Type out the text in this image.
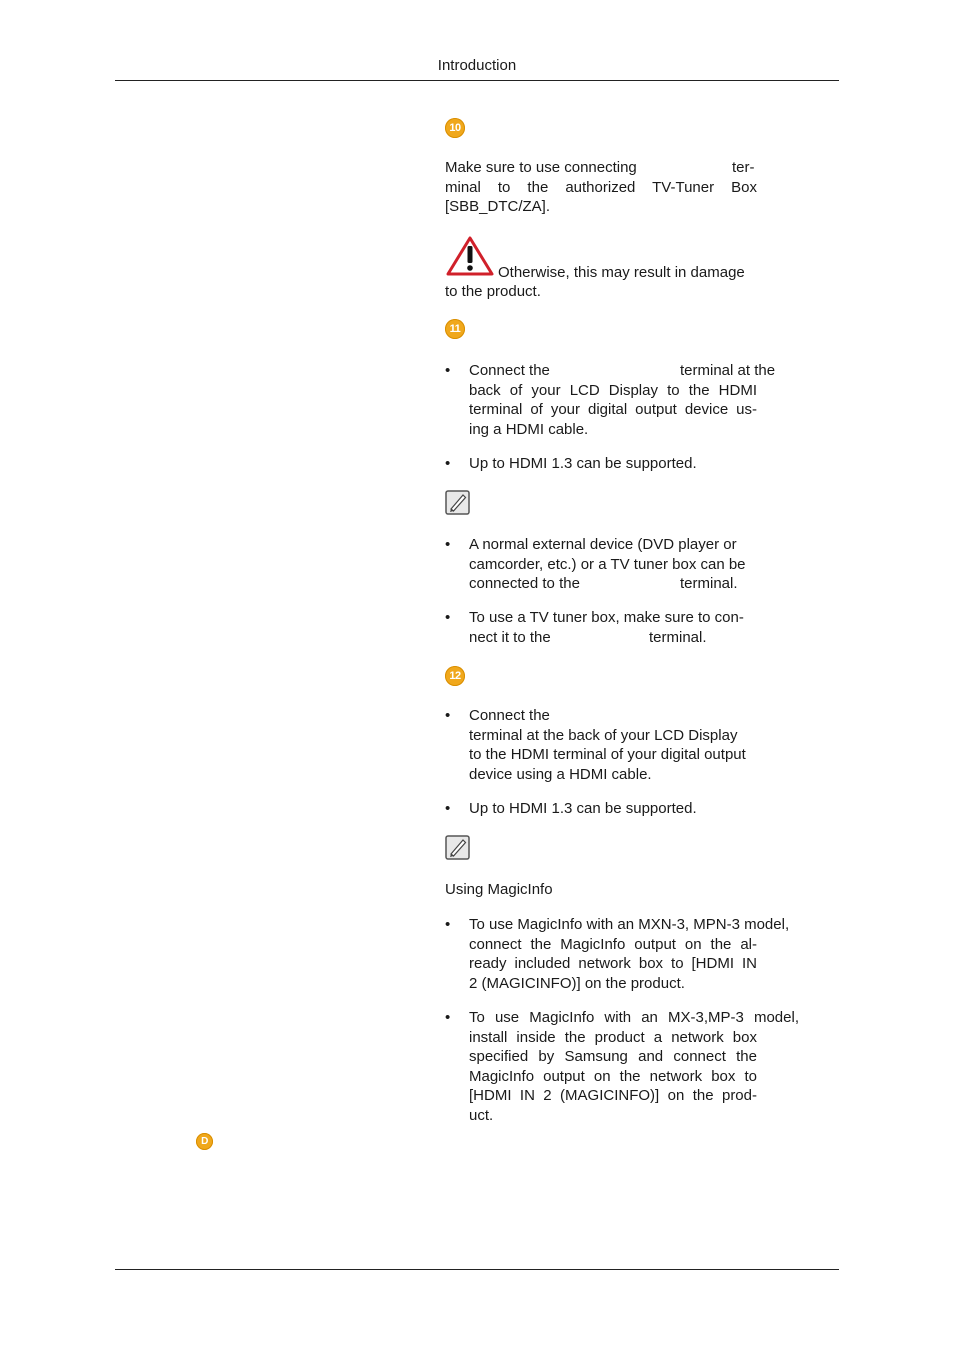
Introduction
10
Make sure to use connecting	ter-
minal to the authorized TV-Tuner Box
[SBB_DTC/ZA].
Otherwise, this may result in damage
to the product.
11
• Connect the	terminal at the
back of your LCD Display to the HDMI
terminal of your digital output device us-
ing a HDMI cable.
• Up to HDMI 1.3 can be supported.
• A normal external device (DVD player or
camcorder, etc.) or a TV tuner box can be
connected to the	terminal.
• To use a TV tuner box, make sure to con-
nect it to the	terminal.
12
• Connect the
terminal at the back of your LCD Display
to the HDMI terminal of your digital output
device using a HDMI cable.
• Up to HDMI 1.3 can be supported.
Using MagicInfo
• To use MagicInfo with an MXN-3, MPN-3 model,
connect the MagicInfo output on the al-
ready included network box to [HDMI IN
2 (MAGICINFO)] on the product.
• To use MagicInfo with an MX-3,MP-3 model,
install inside the product a network box
specified by Samsung and connect the
MagicInfo output on the network box to
[HDMI IN 2 (MAGICINFO)] on the prod-
uct.
D
